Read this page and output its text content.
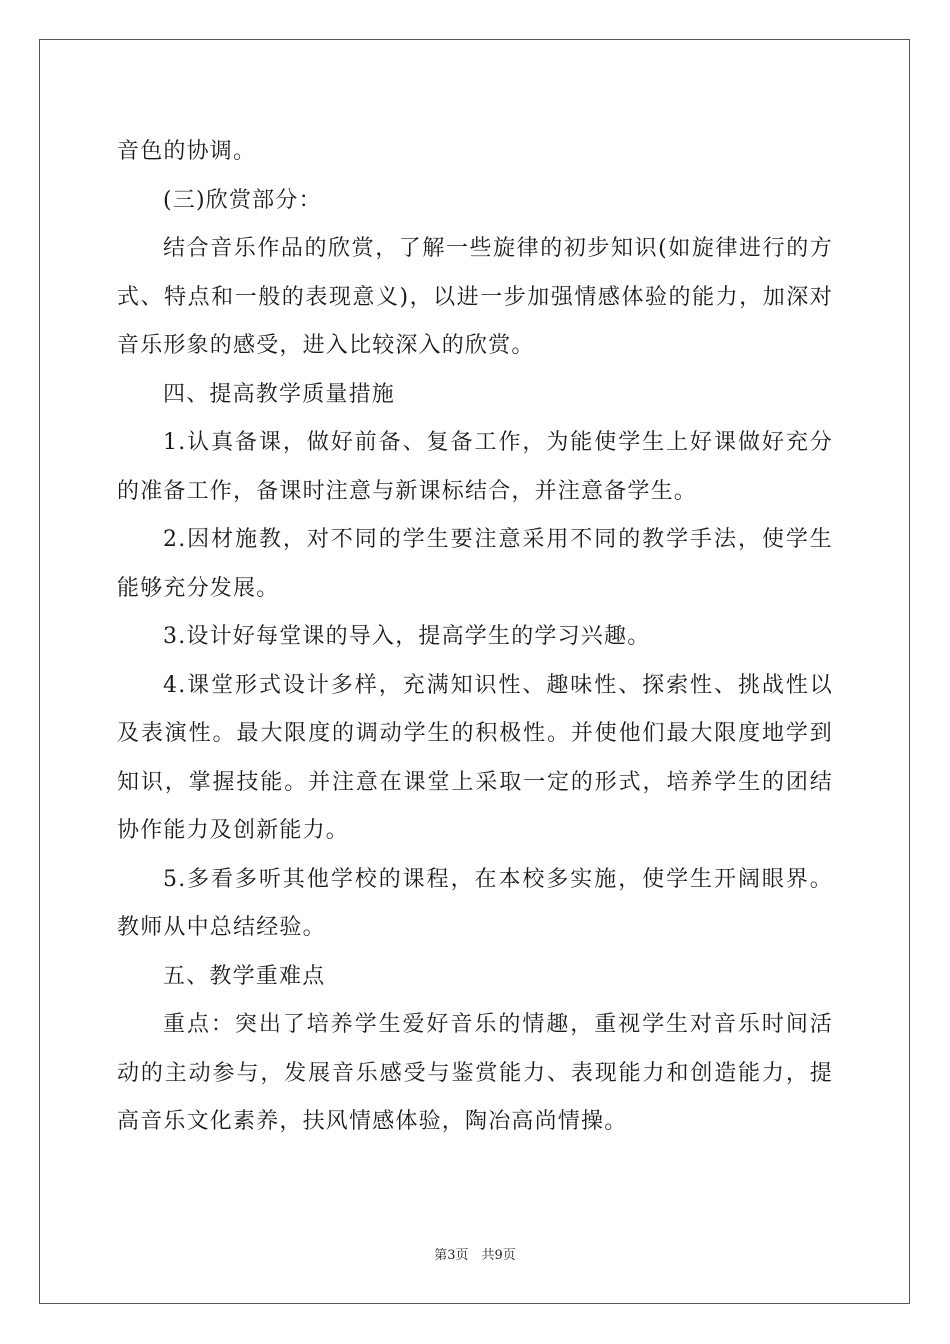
音色的协调。

(三)欣赏部分：

结合音乐作品的欣赏，了解一些旋律的初步知识(如旋律进行的方式、特点和一般的表现意义)，以进一步加强情感体验的能力，加深对音乐形象的感受，进入比较深入的欣赏。

四、提高教学质量措施

1.认真备课，做好前备、复备工作，为能使学生上好课做好充分的准备工作，备课时注意与新课标结合，并注意备学生。

2.因材施教，对不同的学生要注意采用不同的教学手法，使学生能够充分发展。

3.设计好每堂课的导入，提高学生的学习兴趣。

4.课堂形式设计多样，充满知识性、趣味性、探索性、挑战性以及表演性。最大限度的调动学生的积极性。并使他们最大限度地学到知识，掌握技能。并注意在课堂上采取一定的形式，培养学生的团结协作能力及创新能力。

5.多看多听其他学校的课程，在本校多实施，使学生开阔眼界。教师从中总结经验。

五、教学重难点

重点：突出了培养学生爱好音乐的情趣，重视学生对音乐时间活动的主动参与，发展音乐感受与鉴赏能力、表现能力和创造能力，提高音乐文化素养，扶风情感体验，陶冶高尚情操。

第3页　共9页
